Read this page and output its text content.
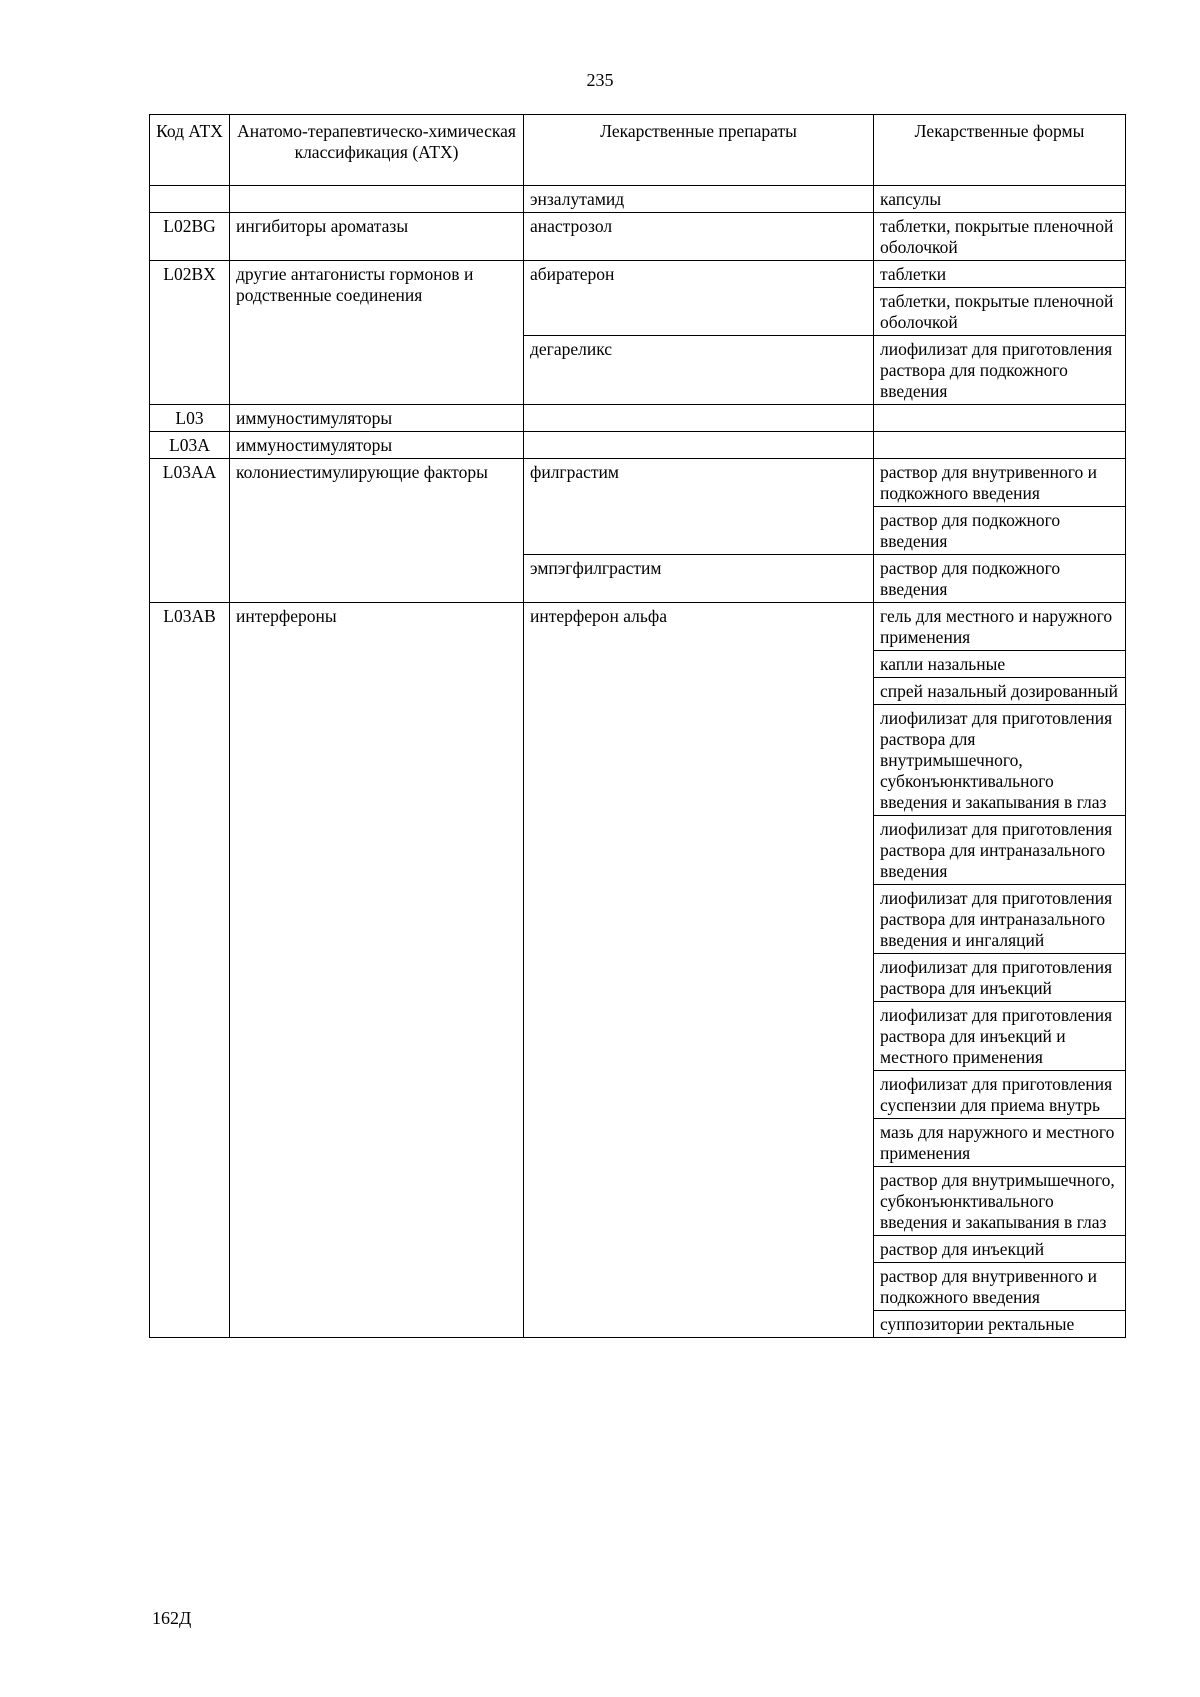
235
Код АТХ	Анатомо-терапевтическо-химическая классификация (АТХ)	Лекарственные препараты	Лекарственные формы
		энзалутамид	капсулы
L02BG	ингибиторы ароматазы	анастрозол	таблетки, покрытые пленочной оболочкой
L02BX	другие антагонисты гормонов и родственные соединения	абиратерон	таблетки
			таблетки, покрытые пленочной оболочкой
		дегареликс	лиофилизат для приготовления раствора для подкожного введения
L03	иммуностимуляторы		
L03A	иммуностимуляторы		
L03AA	колониестимулирующие факторы	филграстим	раствор для внутривенного и подкожного введения
			раствор для подкожного введения
		эмпэгфилграстим	раствор для подкожного введения
L03AB	интерфероны	интерферон альфа	гель для местного и наружного применения
			капли назальные
			спрей назальный дозированный
			лиофилизат для приготовления раствора для внутримышечного, субконъюнктивального введения и закапывания в глаз
			лиофилизат для приготовления раствора для интраназального введения
			лиофилизат для приготовления раствора для интраназального введения и ингаляций
			лиофилизат для приготовления раствора для инъекций
			лиофилизат для приготовления раствора для инъекций и местного применения
			лиофилизат для приготовления суспензии для приема внутрь
			мазь для наружного и местного применения
			раствор для внутримышечного, субконъюнктивального введения и закапывания в глаз
			раствор для инъекций
			раствор для внутривенного и подкожного введения
			суппозитории ректальные
162Д
